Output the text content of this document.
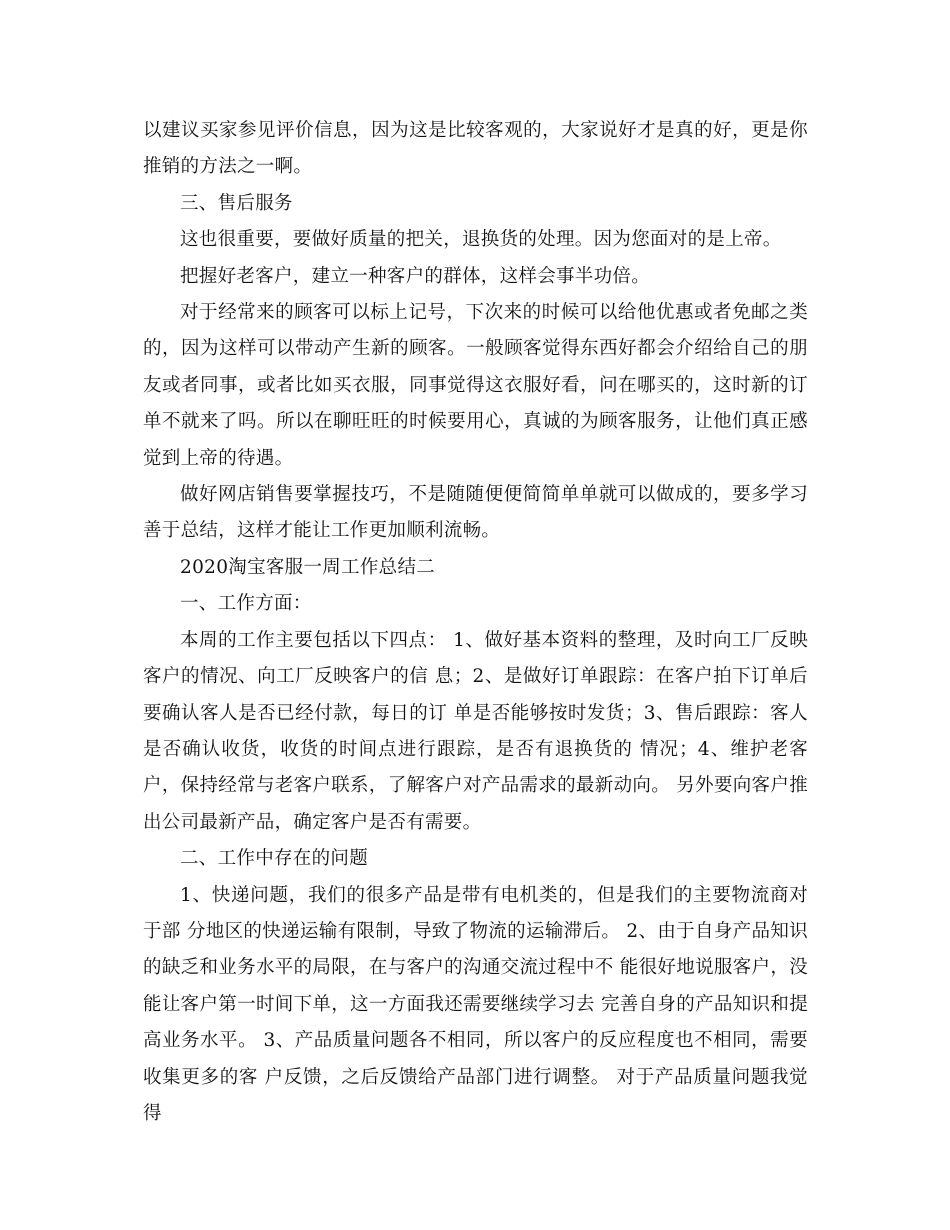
以建议买家参见评价信息，因为这是比较客观的，大家说好才是真的好，更是你推销的方法之一啊。

三、售后服务

这也很重要，要做好质量的把关，退换货的处理。因为您面对的是上帝。

把握好老客户，建立一种客户的群体，这样会事半功倍。

对于经常来的顾客可以标上记号，下次来的时候可以给他优惠或者免邮之类的，因为这样可以带动产生新的顾客。一般顾客觉得东西好都会介绍给自己的朋友或者同事，或者比如买衣服，同事觉得这衣服好看，问在哪买的，这时新的订单不就来了吗。所以在聊旺旺的时候要用心，真诚的为顾客服务，让他们真正感觉到上帝的待遇。

做好网店销售要掌握技巧，不是随随便便简简单单就可以做成的，要多学习善于总结，这样才能让工作更加顺利流畅。

2020淘宝客服一周工作总结二

一、工作方面：

本周的工作主要包括以下四点： 1、做好基本资料的整理，及时向工厂反映客户的情况、向工厂反映客户的信 息；2、是做好订单跟踪：在客户拍下订单后要确认客人是否已经付款，每日的订 单是否能够按时发货；3、售后跟踪：客人是否确认收货，收货的时间点进行跟踪，是否有退换货的 情况；4、维护老客户，保持经常与老客户联系，了解客户对产品需求的最新动向。 另外要向客户推出公司最新产品，确定客户是否有需要。

二、工作中存在的问题

1、快递问题，我们的很多产品是带有电机类的，但是我们的主要物流商对于部 分地区的快递运输有限制，导致了物流的运输滞后。 2、由于自身产品知识的缺乏和业务水平的局限，在与客户的沟通交流过程中不 能很好地说服客户，没能让客户第一时间下单，这一方面我还需要继续学习去 完善自身的产品知识和提高业务水平。 3、产品质量问题各不相同，所以客户的反应程度也不相同，需要收集更多的客 户反馈，之后反馈给产品部门进行调整。 对于产品质量问题我觉得
